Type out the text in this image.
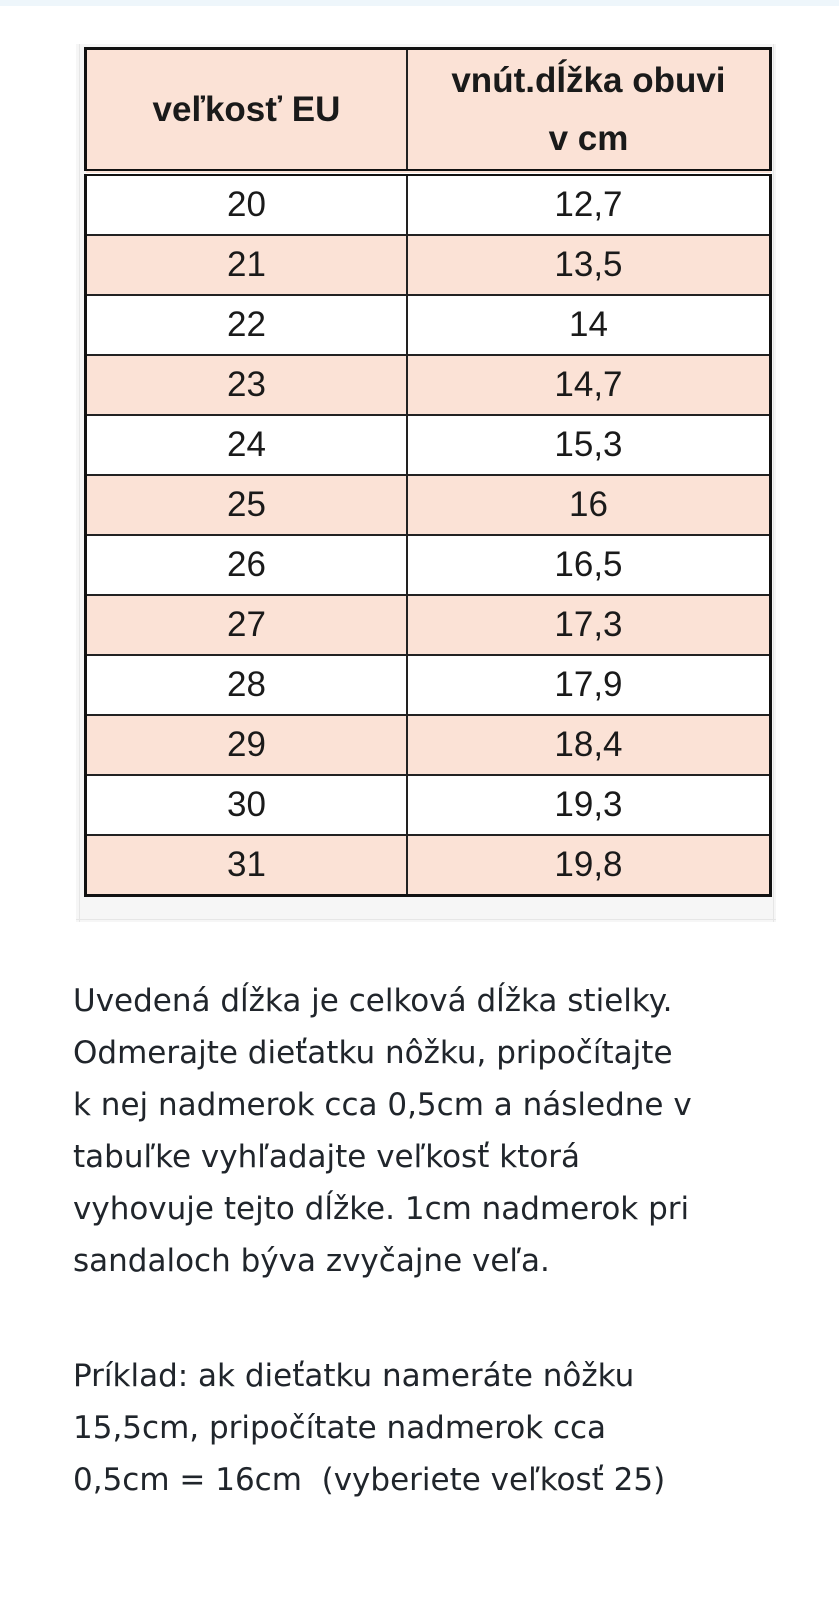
veľkosť EU	vnút.dĺžka obuvi
v cm

20	12,7
21	13,5
22	14
23	14,7
24	15,3
25	16
26	16,5
27	17,3
28	17,9
29	18,4
30	19,3
31	19,8
Uvedená dĺžka je celková dĺžka stielky.
Odmerajte dieťatku nôžku, pripočítajte
k nej nadmerok cca 0,5cm a následne v
tabuľke vyhľadajte veľkosť ktorá
vyhovuje tejto dĺžke. 1cm nadmerok pri
sandaloch býva zvyčajne veľa.
Príklad: ak dieťatku nameráte nôžku
15,5cm, pripočítate nadmerok cca
0,5cm = 16cm  (vyberiete veľkosť 25)
